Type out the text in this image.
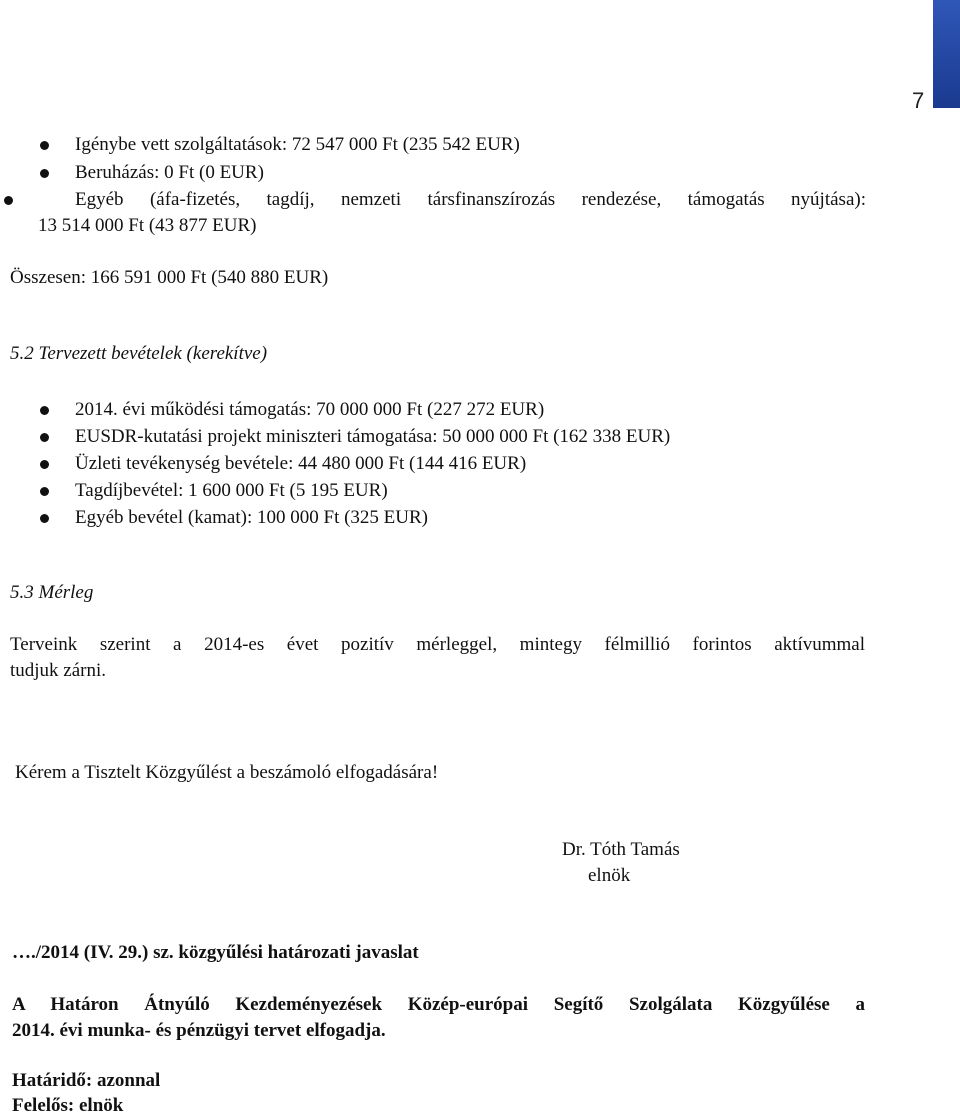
7
Igénybe vett szolgáltatások: 72 547 000 Ft (235 542 EUR)
Beruházás: 0 Ft (0 EUR)
Egyéb (áfa-fizetés, tagdíj, nemzeti társfinanszírozás rendezése, támogatás nyújtása):
13 514 000 Ft (43 877 EUR)
Összesen: 166 591 000 Ft (540 880 EUR)
5.2 Tervezett bevételek (kerekítve)
2014. évi működési támogatás: 70 000 000 Ft (227 272 EUR)
EUSDR-kutatási projekt miniszteri támogatása: 50 000 000 Ft (162 338 EUR)
Üzleti tevékenység bevétele: 44 480 000 Ft (144 416 EUR)
Tagdíjbevétel: 1 600 000 Ft (5 195 EUR)
Egyéb bevétel (kamat): 100 000 Ft (325 EUR)
5.3 Mérleg
Terveink szerint a 2014-es évet pozitív mérleggel, mintegy félmillió forintos aktívummal
tudjuk zárni.
Kérem a Tisztelt Közgyűlést a beszámoló elfogadására!
Dr. Tóth Tamás
elnök
…./2014 (IV. 29.) sz. közgyűlési határozati javaslat
A Határon Átnyúló Kezdeményezések Közép-európai Segítő Szolgálata Közgyűlése a
2014. évi munka- és pénzügyi tervet elfogadja.
Határidő: azonnal
Felelős: elnök
